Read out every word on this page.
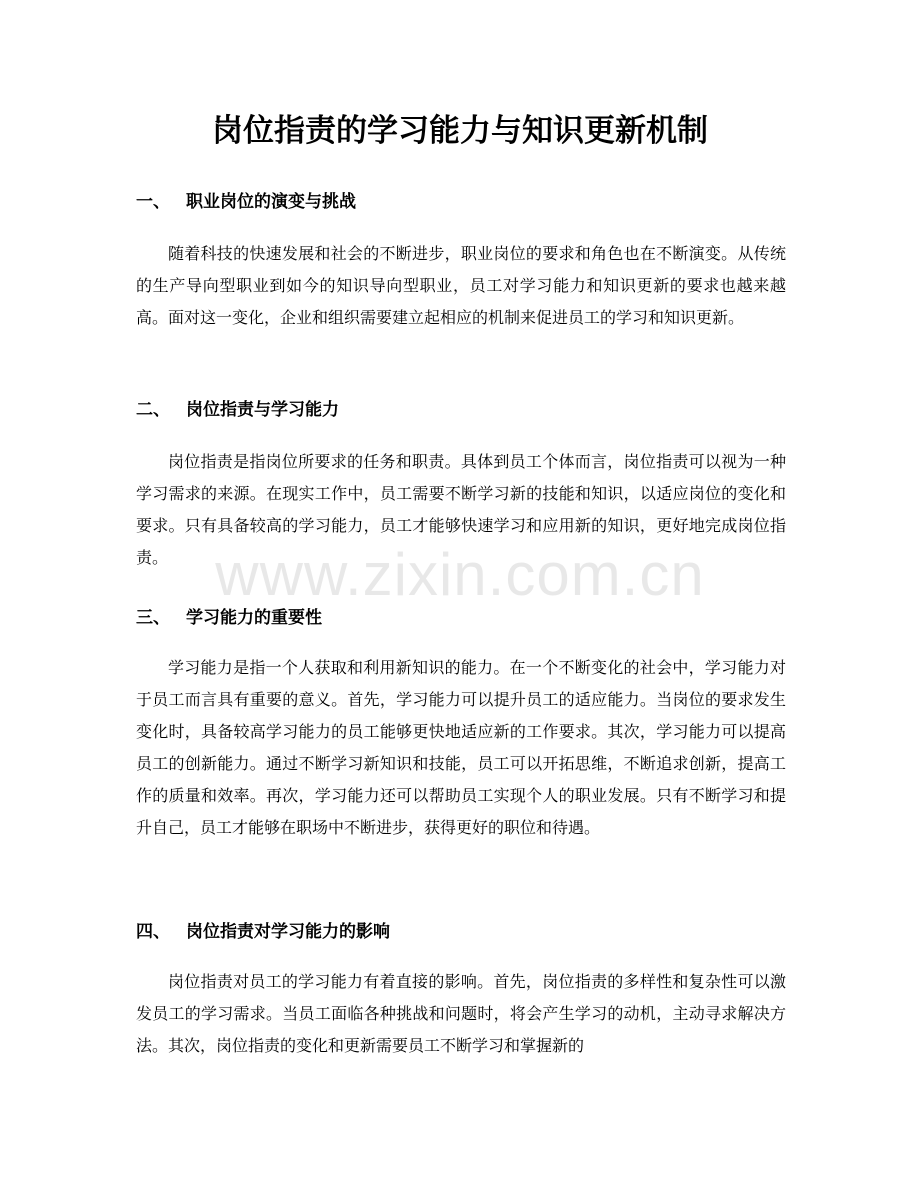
岗位指责的学习能力与知识更新机制
一、 职业岗位的演变与挑战

随着科技的快速发展和社会的不断进步，职业岗位的要求和角色也在不断演变。从传统的生产导向型职业到如今的知识导向型职业，员工对学习能力和知识更新的要求也越来越高。面对这一变化，企业和组织需要建立起相应的机制来促进员工的学习和知识更新。

二、 岗位指责与学习能力

岗位指责是指岗位所要求的任务和职责。具体到员工个体而言，岗位指责可以视为一种学习需求的来源。在现实工作中，员工需要不断学习新的技能和知识，以适应岗位的变化和要求。只有具备较高的学习能力，员工才能够快速学习和应用新的知识，更好地完成岗位指责。

三、 学习能力的重要性

学习能力是指一个人获取和利用新知识的能力。在一个不断变化的社会中，学习能力对于员工而言具有重要的意义。首先，学习能力可以提升员工的适应能力。当岗位的要求发生变化时，具备较高学习能力的员工能够更快地适应新的工作要求。其次，学习能力可以提高员工的创新能力。通过不断学习新知识和技能，员工可以开拓思维，不断追求创新，提高工作的质量和效率。再次，学习能力还可以帮助员工实现个人的职业发展。只有不断学习和提升自己，员工才能够在职场中不断进步，获得更好的职位和待遇。

四、 岗位指责对学习能力的影响

岗位指责对员工的学习能力有着直接的影响。首先，岗位指责的多样性和复杂性可以激发员工的学习需求。当员工面临各种挑战和问题时，将会产生学习的动机，主动寻求解决方法。其次，岗位指责的变化和更新需要员工不断学习和掌握新的

www.zixin.com.cn
